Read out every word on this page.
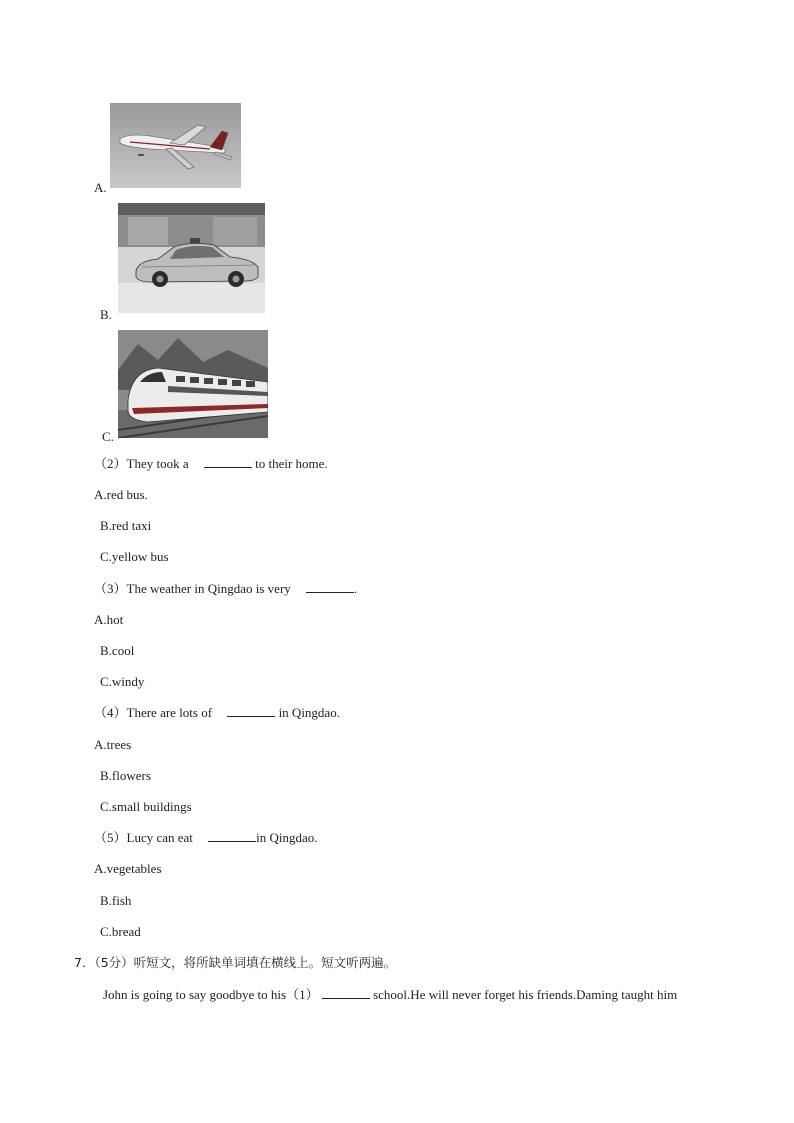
A.
B.
C.
（2）They took a	to their home.
A.red bus.
B.red taxi
C.yellow bus
（3）The weather in Qingdao is very	.
A.hot
B.cool
C.windy
（4）There are lots of	in Qingdao.
A.trees
B.flowers
C.small buildings
（5）Lucy can eat	in Qingdao.
A.vegetables
B.fish
C.bread
7．（5分）听短文，将所缺单词填在横线上。短文听两遍。
John is going to say goodbye to his（1）	school.He will never forget his friends.Daming taught him
